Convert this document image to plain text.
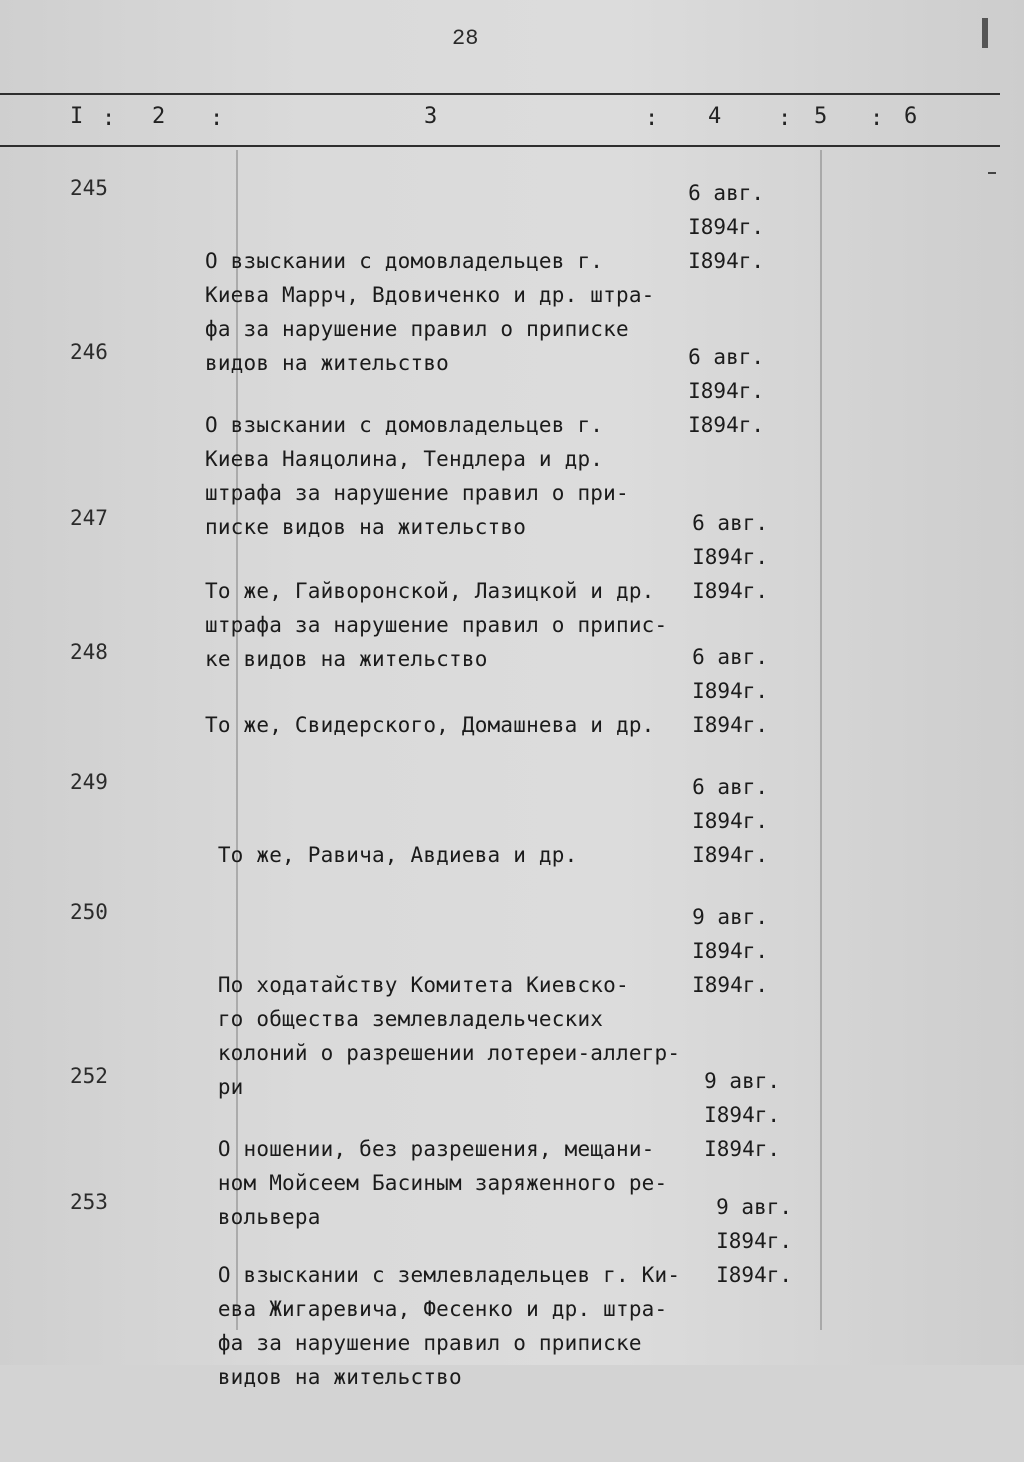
28
I : 2 :	3	: 4	: 5 : 6
245

О взыскании с домовладельцев г.
Киева Маррч, Вдовиченко и др. штра-
фа за нарушение правил о приписке
видов на жительство

6 авг.
I894г.
I894г.
246

О взыскании с домовладельцев г.
Киева Наяцолина, Тендлера и др.
штрафа за нарушение правил о при-
писке видов на жительство

6 авг.
I894г.
I894г.
247

То же, Гайворонской, Лазицкой и др.
штрафа за нарушение правил о припис-
ке видов на жительство

6 авг.
I894г.
I894г.
248

То же, Свидерского, Домашнева и др.

6 авг.
I894г.
I894г.
249

То же, Равича, Авдиева и др.

6 авг.
I894г.
I894г.
250

По ходатайству Комитета Киевско-
го общества землевладельческих
колоний о разрешении лотереи-аллегр-
ри

9 авг.
I894г.
I894г.
252

О ношении, без разрешения, мещани-
ном Мойсеем Басиным заряженного ре-
вольвера

9 авг.
I894г.
I894г.
253

О взыскании с землевладельцев г. Ки-
ева Жигаревича, Фесенко и др. штра-
фа за нарушение правил о приписке
видов на жительство

9 авг.
I894г.
I894г.
